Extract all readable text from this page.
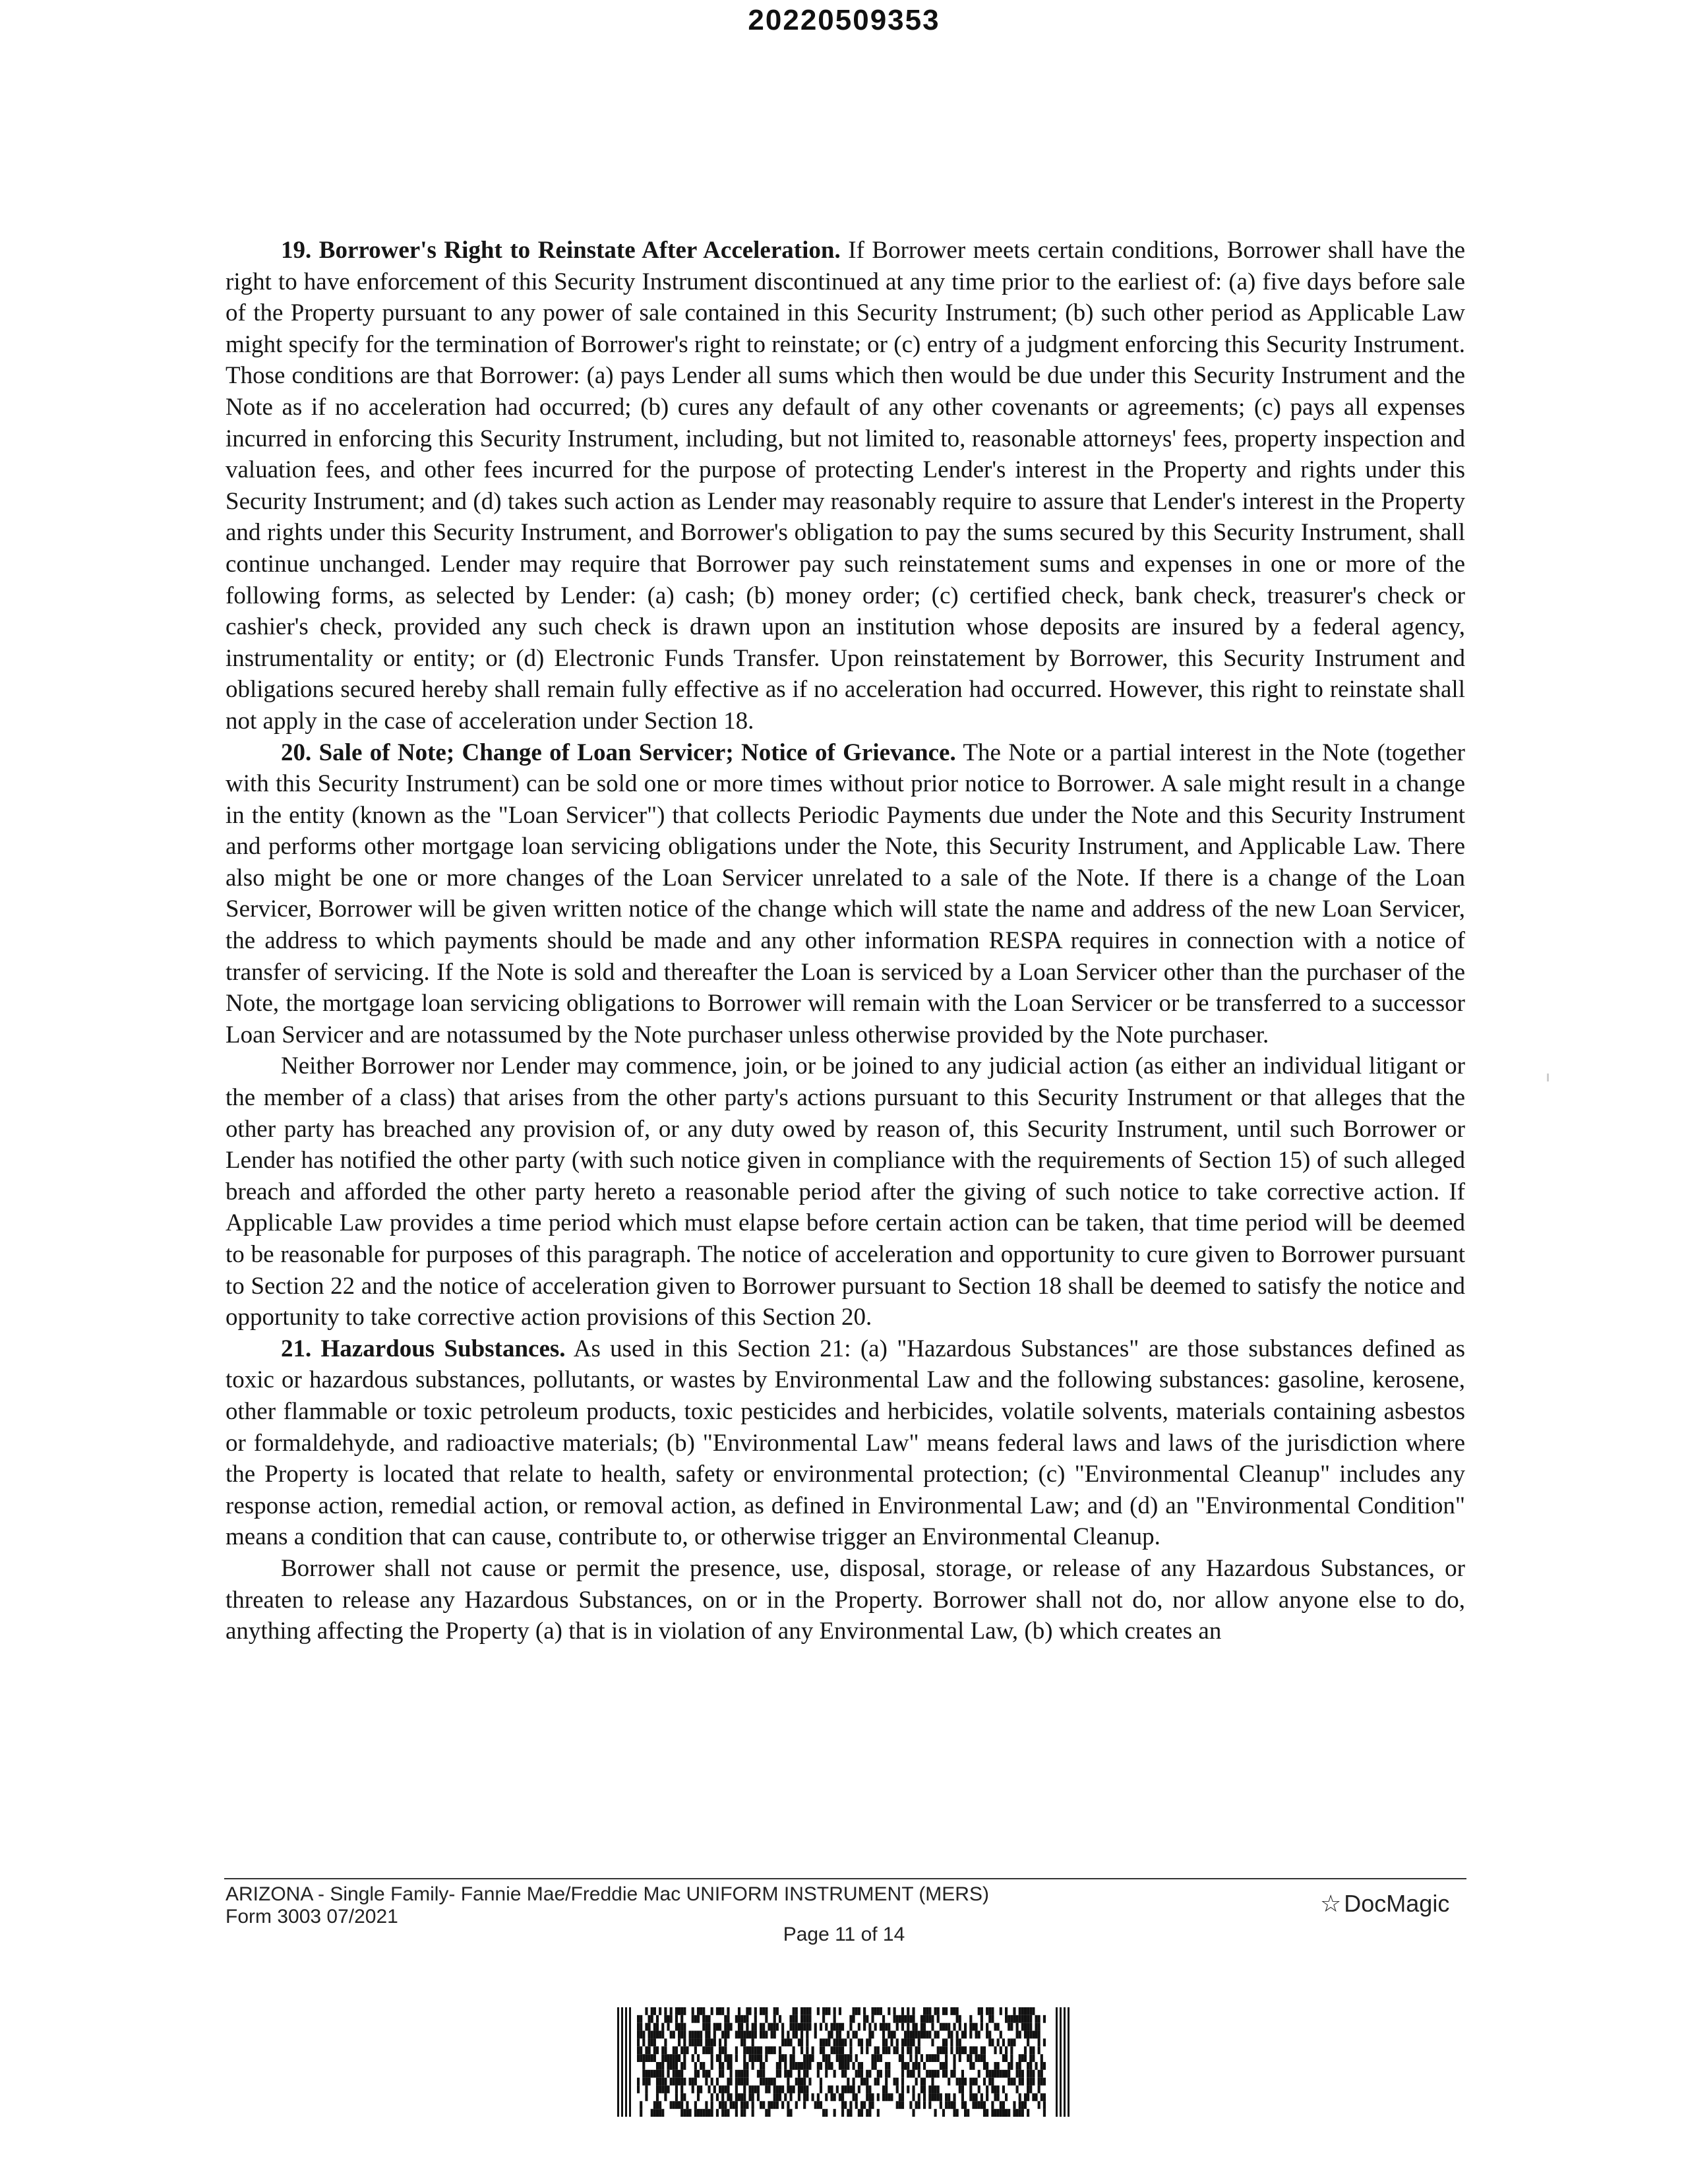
20220509353

19. Borrower's Right to Reinstate After Acceleration. If Borrower meets certain conditions, Borrower shall have the right to have enforcement of this Security Instrument discontinued at any time prior to the earliest of: (a) five days before sale of the Property pursuant to any power of sale contained in this Security Instrument; (b) such other period as Applicable Law might specify for the termination of Borrower's right to reinstate; or (c) entry of a judgment enforcing this Security Instrument. Those conditions are that Borrower: (a) pays Lender all sums which then would be due under this Security Instrument and the Note as if no acceleration had occurred; (b) cures any default of any other covenants or agreements; (c) pays all expenses incurred in enforcing this Security Instrument, including, but not limited to, reasonable attorneys' fees, property inspection and valuation fees, and other fees incurred for the purpose of protecting Lender's interest in the Property and rights under this Security Instrument; and (d) takes such action as Lender may reasonably require to assure that Lender's interest in the Property and rights under this Security Instrument, and Borrower's obligation to pay the sums secured by this Security Instrument, shall continue unchanged. Lender may require that Borrower pay such reinstatement sums and expenses in one or more of the following forms, as selected by Lender: (a) cash; (b) money order; (c) certified check, bank check, treasurer's check or cashier's check, provided any such check is drawn upon an institution whose deposits are insured by a federal agency, instrumentality or entity; or (d) Electronic Funds Transfer. Upon reinstatement by Borrower, this Security Instrument and obligations secured hereby shall remain fully effective as if no acceleration had occurred. However, this right to reinstate shall not apply in the case of acceleration under Section 18.

20. Sale of Note; Change of Loan Servicer; Notice of Grievance. The Note or a partial interest in the Note (together with this Security Instrument) can be sold one or more times without prior notice to Borrower. A sale might result in a change in the entity (known as the "Loan Servicer") that collects Periodic Payments due under the Note and this Security Instrument and performs other mortgage loan servicing obligations under the Note, this Security Instrument, and Applicable Law. There also might be one or more changes of the Loan Servicer unrelated to a sale of the Note. If there is a change of the Loan Servicer, Borrower will be given written notice of the change which will state the name and address of the new Loan Servicer, the address to which payments should be made and any other information RESPA requires in connection with a notice of transfer of servicing. If the Note is sold and thereafter the Loan is serviced by a Loan Servicer other than the purchaser of the Note, the mortgage loan servicing obligations to Borrower will remain with the Loan Servicer or be transferred to a successor Loan Servicer and are notassumed by the Note purchaser unless otherwise provided by the Note purchaser.

Neither Borrower nor Lender may commence, join, or be joined to any judicial action (as either an individual litigant or the member of a class) that arises from the other party's actions pursuant to this Security Instrument or that alleges that the other party has breached any provision of, or any duty owed by reason of, this Security Instrument, until such Borrower or Lender has notified the other party (with such notice given in compliance with the requirements of Section 15) of such alleged breach and afforded the other party hereto a reasonable period after the giving of such notice to take corrective action. If Applicable Law provides a time period which must elapse before certain action can be taken, that time period will be deemed to be reasonable for purposes of this paragraph. The notice of acceleration and opportunity to cure given to Borrower pursuant to Section 22 and the notice of acceleration given to Borrower pursuant to Section 18 shall be deemed to satisfy the notice and opportunity to take corrective action provisions of this Section 20.

21. Hazardous Substances. As used in this Section 21: (a) "Hazardous Substances" are those substances defined as toxic or hazardous substances, pollutants, or wastes by Environmental Law and the following substances: gasoline, kerosene, other flammable or toxic petroleum products, toxic pesticides and herbicides, volatile solvents, materials containing asbestos or formaldehyde, and radioactive materials; (b) "Environmental Law" means federal laws and laws of the jurisdiction where the Property is located that relate to health, safety or environmental protection; (c) "Environmental Cleanup" includes any response action, remedial action, or removal action, as defined in Environmental Law; and (d) an "Environmental Condition" means a condition that can cause, contribute to, or otherwise trigger an Environmental Cleanup.

Borrower shall not cause or permit the presence, use, disposal, storage, or release of any Hazardous Substances, or threaten to release any Hazardous Substances, on or in the Property. Borrower shall not do, nor allow anyone else to do, anything affecting the Property (a) that is in violation of any Environmental Law, (b) which creates an

ARIZONA - Single Family- Fannie Mae/Freddie Mac UNIFORM INSTRUMENT (MERS)
Form 3003 07/2021	☆ DocMagic
Page 11 of 14
